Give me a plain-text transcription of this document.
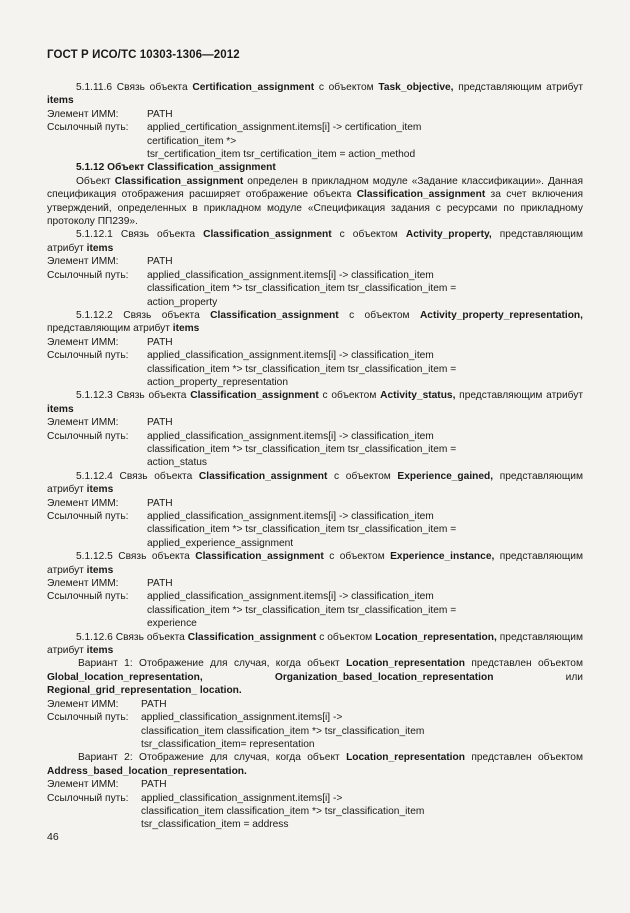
ГОСТ Р ИСО/ТС 10303-1306—2012

5.1.11.6 Связь объекта Certification_assignment с объектом Task_objective, представляющим атрибут items

Элемент ИММ:	PATH
Ссылочный путь:	applied_certification_assignment.items[i] -> certification_item
certification_item *>
tsr_certification_item tsr_certification_item = action_method

5.1.12 Объект Classification_assignment

Объект Classification_assignment определен в прикладном модуле «Задание классификации». Данная спецификация отображения расширяет отображение объекта Classification_assignment за счет включения утверждений, определенных в прикладном модуле «Спецификация задания с ресурсами по прикладному протоколу ПП239».

5.1.12.1 Связь объекта Classification_assignment с объектом Activity_property, представляющим атрибут items

Элемент ИММ:	PATH
Ссылочный путь:	applied_classification_assignment.items[i] -> classification_item
classification_item *> tsr_classification_item tsr_classification_item =
action_property

5.1.12.2 Связь объекта Classification_assignment с объектом Activity_property_representation, представляющим атрибут items

Элемент ИММ:	PATH
Ссылочный путь:	applied_classification_assignment.items[i] -> classification_item
classification_item *> tsr_classification_item tsr_classification_item =
action_property_representation

5.1.12.3 Связь объекта Classification_assignment с объектом Activity_status, представляющим атрибут items

Элемент ИММ:	PATH
Ссылочный путь:	applied_classification_assignment.items[i] -> classification_item
classification_item *> tsr_classification_item tsr_classification_item =
action_status

5.1.12.4 Связь объекта Classification_assignment с объектом Experience_gained, представляющим атрибут items

Элемент ИММ:	PATH
Ссылочный путь:	applied_classification_assignment.items[i] -> classification_item
classification_item *> tsr_classification_item tsr_classification_item =
applied_experience_assignment

5.1.12.5 Связь объекта Classification_assignment с объектом Experience_instance, представляющим атрибут items

Элемент ИММ:	PATH
Ссылочный путь:	applied_classification_assignment.items[i] -> classification_item
classification_item *> tsr_classification_item tsr_classification_item =
experience

5.1.12.6 Связь объекта Classification_assignment с объектом Location_representation, представляющим атрибут items

Вариант 1: Отображение для случая, когда объект Location_representation представлен объектом Global_location_representation, Organization_based_location_representation или Regional_grid_representation_ location.

Элемент ИММ:	PATH
Ссылочный путь:	applied_classification_assignment.items[i] ->
classification_item classification_item *> tsr_classification_item
tsr_classification_item= representation

Вариант 2: Отображение для случая, когда объект Location_representation представлен объектом Address_based_location_representation.

Элемент ИММ:	PATH
Ссылочный путь:	applied_classification_assignment.items[i] ->
classification_item classification_item *> tsr_classification_item
tsr_classification_item = address
46
